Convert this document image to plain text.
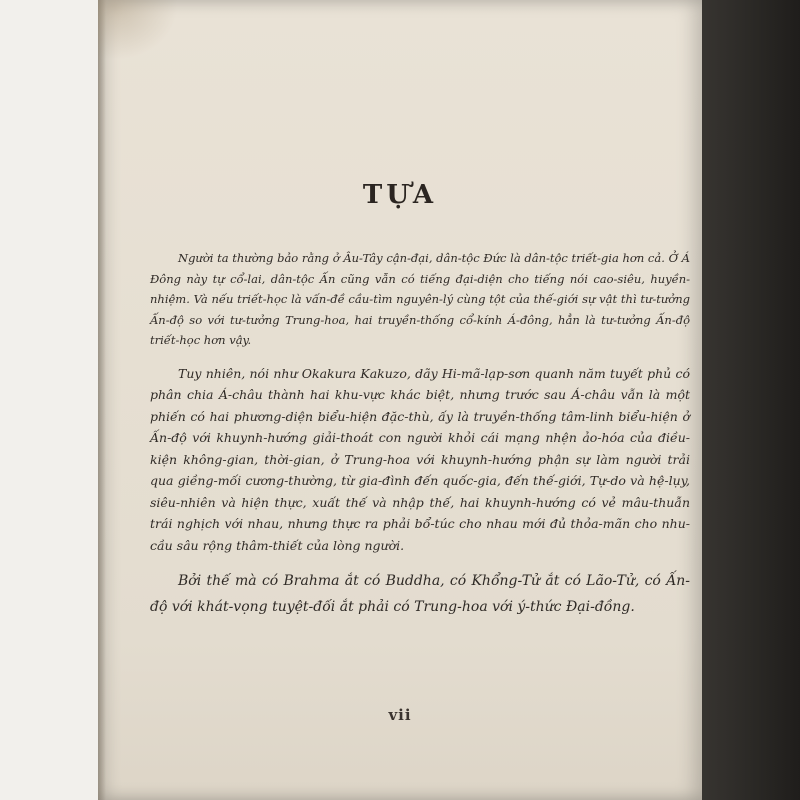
TỰA

Người ta thường bảo rằng ở Âu-Tây cận-đại, dân-tộc Đức là dân-tộc triết-gia hơn cả. Ở Á Đông này tự cổ-lai, dân-tộc Ấn cũng vẫn có tiếng đại-diện cho tiếng nói cao-siêu, huyền-nhiệm. Và nếu triết-học là vấn-đề cầu-tìm nguyên-lý cùng tột của thế-giới sự vật thì tư-tưởng Ấn-độ so với tư-tưởng Trung-hoa, hai truyền-thống cổ-kính Á-đông, hẳn là tư-tưởng Ấn-độ triết-học hơn vậy.

Tuy nhiên, nói như Okakura Kakuzo, dãy Hi-mã-lạp-sơn quanh năm tuyết phủ có phân chia Á-châu thành hai khu-vực khác biệt, nhưng trước sau Á-châu vẫn là một phiến có hai phương-diện biểu-hiện đặc-thù, ấy là truyền-thống tâm-linh biểu-hiện ở Ấn-độ với khuynh-hướng giải-thoát con người khỏi cái mạng nhện ảo-hóa của điều-kiện không-gian, thời-gian, ở Trung-hoa với khuynh-hướng phận sự làm người trải qua giềng-mối cương-thường, từ gia-đình đến quốc-gia, đến thế-giới, Tự-do và hệ-lụy, siêu-nhiên và hiện thực, xuất thế và nhập thế, hai khuynh-hướng có vẻ mâu-thuẫn trái nghịch với nhau, nhưng thực ra phải bổ-túc cho nhau mới đủ thỏa-mãn cho nhu-cầu sâu rộng thâm-thiết của lòng người.

Bởi thế mà có Brahma ắt có Buddha, có Khổng-Tử ắt có Lão-Tử, có Ấn-độ với khát-vọng tuyệt-đối ắt phải có Trung-hoa với ý-thức Đại-đồng.

vii
